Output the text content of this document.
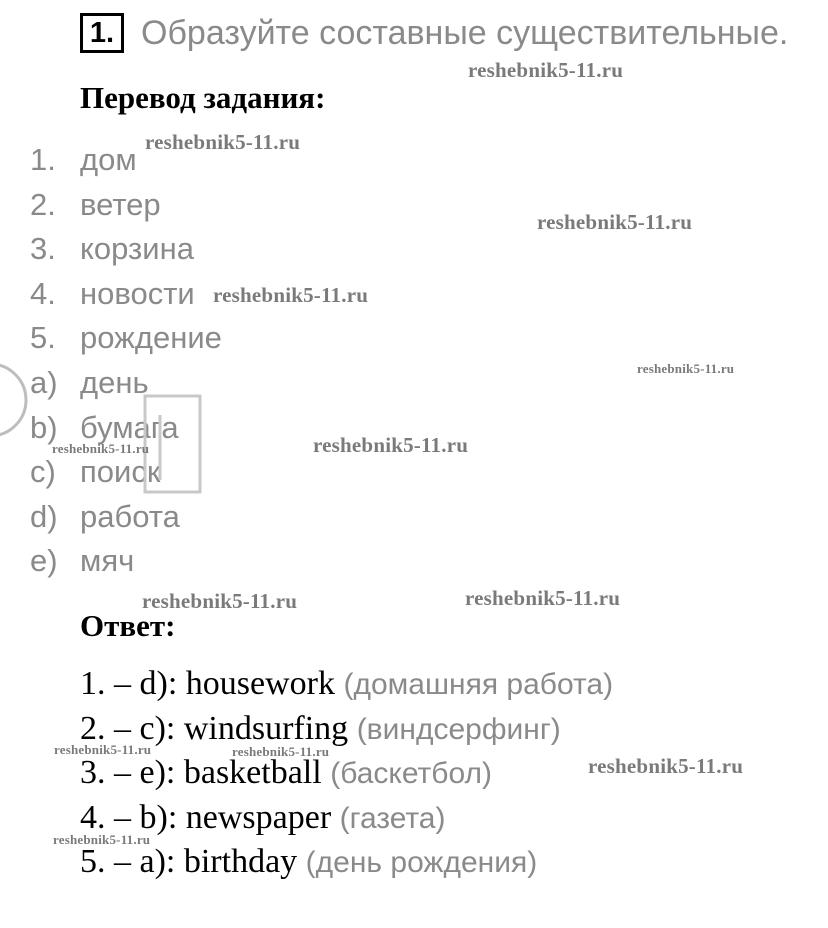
1. Образуйте составные существительные.
Перевод задания:
1. дом
2. ветер
3. корзина
4. новости
5. рождение
a) день
b) бумага
c) поиск
d) работа
e) мяч
Ответ:
1. – d): housework (домашняя работа)
2. – c): windsurfing (виндсерфинг)
3. – e): basketball (баскетбол)
4. – b): newspaper (газета)
5. – a): birthday (день рождения)
reshebnik5-11.ru
reshebnik5-11.ru
reshebnik5-11.ru
reshebnik5-11.ru
reshebnik5-11.ru
reshebnik5-11.ru
reshebnik5-11.ru
reshebnik5-11.ru	reshebnik5-11.ru
reshebnik5-11.ru	reshebnik5-11.ru
reshebnik5-11.ru
reshebnik5-11.ru
